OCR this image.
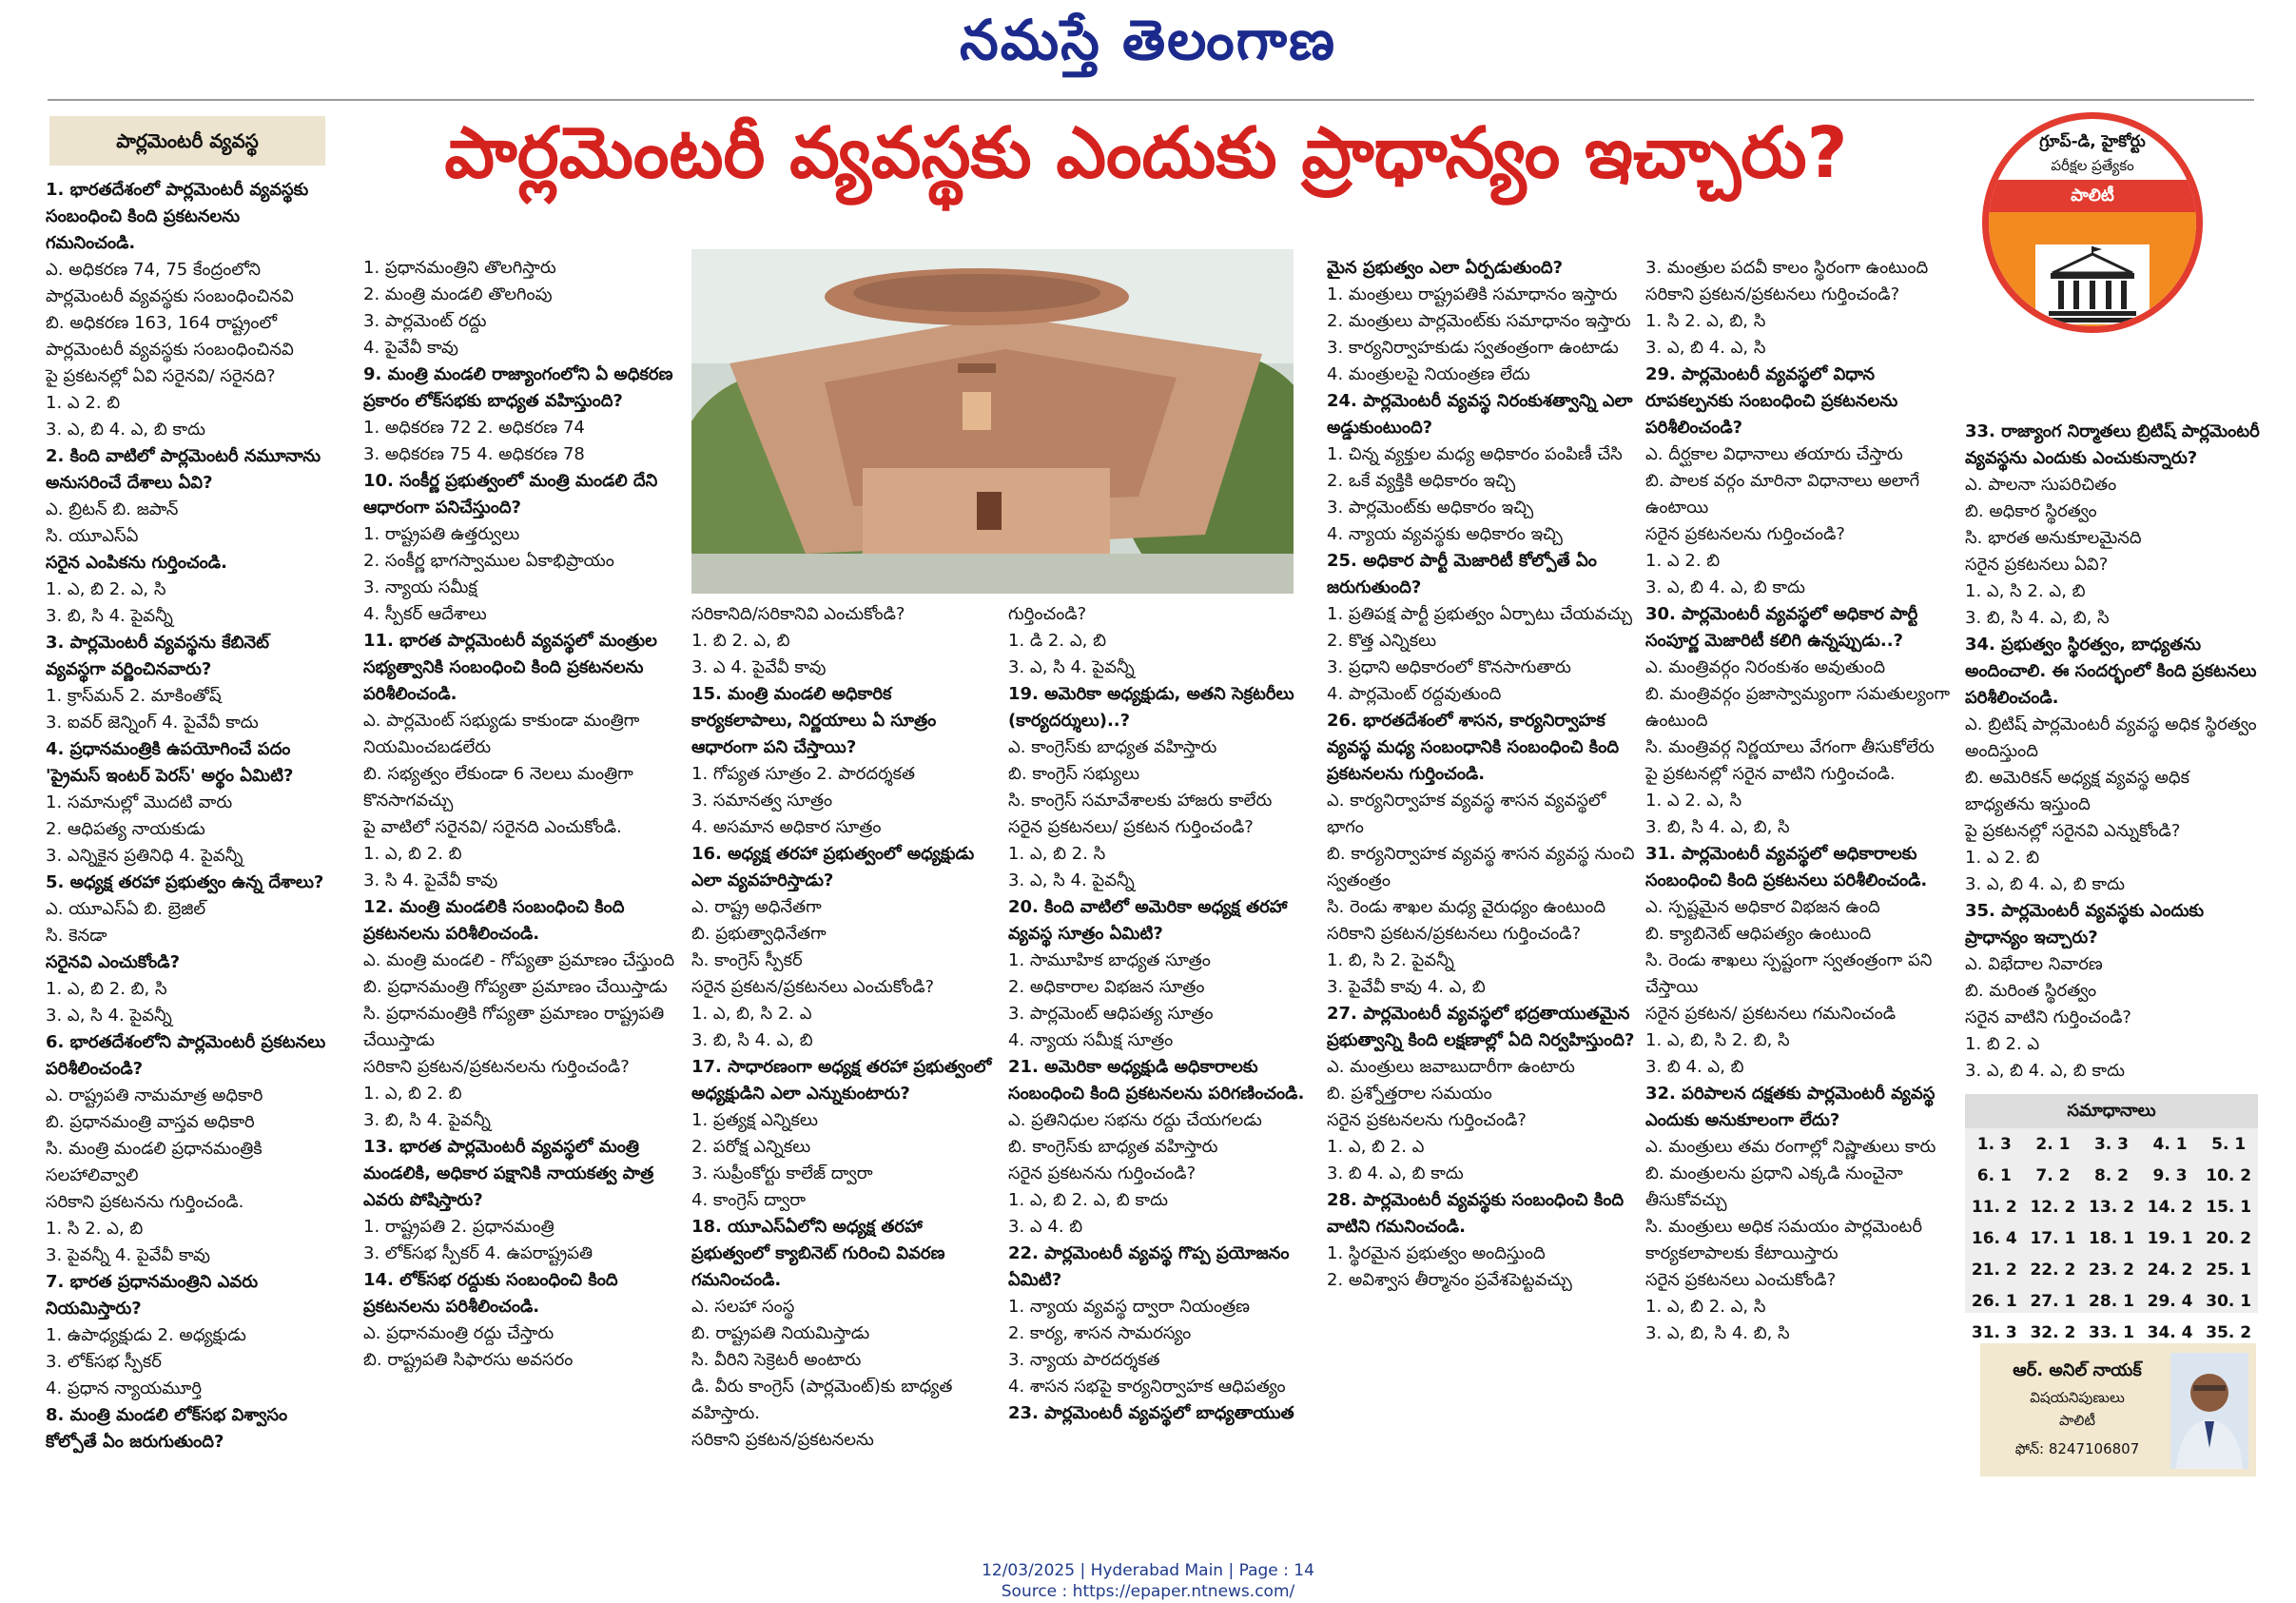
నమస్తే తెలంగాణ
పార్లమెంటరీ వ్యవస్థ	పార్లమెంటరీ వ్యవస్థకు ఎందుకు ప్రాధాన్యం ఇచ్చారు?	గ్రూప్-డి, హైకోర్టు
పరీక్షల ప్రత్యేకం
పాలిటీ

1. భారతదేశంలో పార్లమెంటరీ వ్యవస్థకు సంబంధించి కింది ప్రకటనలను గమనించండి.

ఎ. అధికరణ 74, 75 కేంద్రంలోని పార్లమెంటరీ వ్యవస్థకు సంబంధించినవి

బి. అధికరణ 163, 164 రాష్ట్రంలో పార్లమెంటరీ వ్యవస్థకు సంబంధించినవి

పై ప్రకటనల్లో ఏవి సరైనవి/ సరైనది?

1. ఎ 2. బి

3. ఎ, బి 4. ఎ, బి కాదు

2. కింది వాటిలో పార్లమెంటరీ నమూనాను అనుసరించే దేశాలు ఏవి?

ఎ. బ్రిటన్ బి. జపాన్

సి. యూఎస్ఏ

సరైన ఎంపికను గుర్తించండి.

1. ఎ, బి 2. ఎ, సి

3. బి, సి 4. పైవన్నీ

3. పార్లమెంటరీ వ్యవస్థను కేబినెట్ వ్యవస్థగా వర్ణించినవారు?

1. క్రాస్‌మన్ 2. మాకింతోష్

3. ఐవర్ జెన్నింగ్ 4. పైవేవీ కాదు

4. ప్రధానమంత్రికి ఉపయోగించే పదం 'ప్రైమస్ ఇంటర్ పెరస్' అర్థం ఏమిటి?

1. సమానుల్లో మొదటి వారు

2. ఆధిపత్య నాయకుడు

3. ఎన్నికైన ప్రతినిధి 4. పైవన్నీ

5. అధ్యక్ష తరహా ప్రభుత్వం ఉన్న దేశాలు?

ఎ. యూఎస్ఏ బి. బ్రెజిల్

సి. కెనడా

సరైనవి ఎంచుకోండి?

1. ఎ, బి 2. బి, సి

3. ఎ, సి 4. పైవన్నీ

6. భారతదేశంలోని పార్లమెంటరీ ప్రకటనలు పరిశీలించండి?

ఎ. రాష్ట్రపతి నామమాత్ర అధికారి

బి. ప్రధానమంత్రి వాస్తవ అధికారి

సి. మంత్రి మండలి ప్రధానమంత్రికి సలహాలివ్వాలి

సరికాని ప్రకటనను గుర్తించండి.

1. సి 2. ఎ, బి

3. పైవన్నీ 4. పైవేవీ కావు

7. భారత ప్రధానమంత్రిని ఎవరు నియమిస్తారు?

1. ఉపాధ్యక్షుడు 2. అధ్యక్షుడు

3. లోక్‌సభ స్పీకర్

4. ప్రధాన న్యాయమూర్తి

8. మంత్రి మండలి లోక్‌సభ విశ్వాసం కోల్పోతే ఏం జరుగుతుంది?

1. ప్రధానమంత్రిని తొలగిస్తారు

2. మంత్రి మండలి తొలగింపు

3. పార్లమెంట్ రద్దు

4. పైవేవీ కావు

9. మంత్రి మండలి రాజ్యాంగంలోని ఏ అధికరణ ప్రకారం లోక్‌సభకు బాధ్యత వహిస్తుంది?

1. అధికరణ 72 2. అధికరణ 74

3. అధికరణ 75 4. అధికరణ 78

10. సంకీర్ణ ప్రభుత్వంలో మంత్రి మండలి దేని ఆధారంగా పనిచేస్తుంది?

1. రాష్ట్రపతి ఉత్తర్వులు

2. సంకీర్ణ భాగస్వాముల ఏకాభిప్రాయం

3. న్యాయ సమీక్ష

4. స్పీకర్ ఆదేశాలు

11. భారత పార్లమెంటరీ వ్యవస్థలో మంత్రుల సభ్యత్వానికి సంబంధించి కింది ప్రకటనలను పరిశీలించండి.

ఎ. పార్లమెంట్ సభ్యుడు కాకుండా మంత్రిగా నియమించబడలేరు

బి. సభ్యత్వం లేకుండా 6 నెలలు మంత్రిగా కొనసాగవచ్చు

పై వాటిలో సరైనవి/ సరైనది ఎంచుకోండి.

1. ఎ, బి 2. బి

3. సి 4. పైవేవీ కావు

12. మంత్రి మండలికి సంబంధించి కింది ప్రకటనలను పరిశీలించండి.

ఎ. మంత్రి మండలి - గోప్యతా ప్రమాణం చేస్తుంది

బి. ప్రధానమంత్రి గోప్యతా ప్రమాణం చేయిస్తాడు

సి. ప్రధానమంత్రికి గోప్యతా ప్రమాణం రాష్ట్రపతి చేయిస్తాడు

సరికాని ప్రకటన/ప్రకటనలను గుర్తించండి?

1. ఎ, బి 2. బి

3. బి, సి 4. పైవన్నీ

13. భారత పార్లమెంటరీ వ్యవస్థలో మంత్రి మండలికి, అధికార పక్షానికి నాయకత్వ పాత్ర ఎవరు పోషిస్తారు?

1. రాష్ట్రపతి 2. ప్రధానమంత్రి

3. లోక్‌సభ స్పీకర్ 4. ఉపరాష్ట్రపతి

14. లోక్‌సభ రద్దుకు సంబంధించి కింది ప్రకటనలను పరిశీలించండి.

ఎ. ప్రధానమంత్రి రద్దు చేస్తారు

బి. రాష్ట్రపతి సిఫారసు అవసరం

సరికానిది/సరికానివి ఎంచుకోండి?

1. బి 2. ఎ, బి

3. ఎ 4. పైవేవీ కావు

15. మంత్రి మండలి అధికారిక కార్యకలాపాలు, నిర్ణయాలు ఏ సూత్రం ఆధారంగా పని చేస్తాయి?

1. గోప్యత సూత్రం 2. పారదర్శకత

3. సమానత్వ సూత్రం

4. అసమాన అధికార సూత్రం

16. అధ్యక్ష తరహా ప్రభుత్వంలో అధ్యక్షుడు ఎలా వ్యవహరిస్తాడు?

ఎ. రాష్ట్ర అధినేతగా

బి. ప్రభుత్వాధినేతగా

సి. కాంగ్రెస్ స్పీకర్

సరైన ప్రకటన/ప్రకటనలు ఎంచుకోండి?

1. ఎ, బి, సి 2. ఎ

3. బి, సి 4. ఎ, బి

17. సాధారణంగా అధ్యక్ష తరహా ప్రభుత్వంలో అధ్యక్షుడిని ఎలా ఎన్నుకుంటారు?

1. ప్రత్యక్ష ఎన్నికలు

2. పరోక్ష ఎన్నికలు

3. సుప్రీంకోర్టు కాలేజ్ ద్వారా

4. కాంగ్రెస్ ద్వారా

18. యూఎస్ఏలోని అధ్యక్ష తరహా ప్రభుత్వంలో క్యాబినెట్ గురించి వివరణ గమనించండి.

ఎ. సలహా సంస్థ

బి. రాష్ట్రపతి నియమిస్తాడు

సి. వీరిని సెక్రెటరీ అంటారు

డి. వీరు కాంగ్రెస్ (పార్లమెంట్)కు బాధ్యత వహిస్తారు.

సరికాని ప్రకటన/ప్రకటనలను

గుర్తించండి?

1. డి 2. ఎ, బి

3. ఎ, సి 4. పైవన్నీ

19. అమెరికా అధ్యక్షుడు, అతని సెక్రటరీలు (కార్యదర్శులు)..?

ఎ. కాంగ్రెస్‌కు బాధ్యత వహిస్తారు

బి. కాంగ్రెస్ సభ్యులు

సి. కాంగ్రెస్ సమావేశాలకు హాజరు కాలేరు

సరైన ప్రకటనలు/ ప్రకటన గుర్తించండి?

1. ఎ, బి 2. సి

3. ఎ, సి 4. పైవన్నీ

20. కింది వాటిలో అమెరికా అధ్యక్ష తరహా వ్యవస్థ సూత్రం ఏమిటి?

1. సామూహిక బాధ్యత సూత్రం

2. అధికారాల విభజన సూత్రం

3. పార్లమెంట్ ఆధిపత్య సూత్రం

4. న్యాయ సమీక్ష సూత్రం

21. అమెరికా అధ్యక్షుడి అధికారాలకు సంబంధించి కింది ప్రకటనలను పరిగణించండి.

ఎ. ప్రతినిధుల సభను రద్దు చేయగలడు

బి. కాంగ్రెస్‌కు బాధ్యత వహిస్తారు

సరైన ప్రకటనను గుర్తించండి?

1. ఎ, బి 2. ఎ, బి కాదు

3. ఎ 4. బి

22. పార్లమెంటరీ వ్యవస్థ గొప్ప ప్రయోజనం ఏమిటి?

1. న్యాయ వ్యవస్థ ద్వారా నియంత్రణ

2. కార్య, శాసన సామరస్యం

3. న్యాయ పారదర్శకత

4. శాసన సభపై కార్యనిర్వాహక ఆధిపత్యం

23. పార్లమెంటరీ వ్యవస్థలో బాధ్యతాయుత

మైన ప్రభుత్వం ఎలా ఏర్పడుతుంది?

1. మంత్రులు రాష్ట్రపతికి సమాధానం ఇస్తారు

2. మంత్రులు పార్లమెంట్‌కు సమాధానం ఇస్తారు

3. కార్యనిర్వాహకుడు స్వతంత్రంగా ఉంటాడు

4. మంత్రులపై నియంత్రణ లేదు

24. పార్లమెంటరీ వ్యవస్థ నిరంకుశత్వాన్ని ఎలా అడ్డుకుంటుంది?

1. చిన్న వ్యక్తుల మధ్య అధికారం పంపిణీ చేసి

2. ఒకే వ్యక్తికి అధికారం ఇచ్చి

3. పార్లమెంట్‌కు అధికారం ఇచ్చి

4. న్యాయ వ్యవస్థకు అధికారం ఇచ్చి

25. అధికార పార్టీ మెజారిటీ కోల్పోతే ఏం జరుగుతుంది?

1. ప్రతిపక్ష పార్టీ ప్రభుత్వం ఏర్పాటు చేయవచ్చు

2. కొత్త ఎన్నికలు

3. ప్రధాని అధికారంలో కొనసాగుతారు

4. పార్లమెంట్ రద్దవుతుంది

26. భారతదేశంలో శాసన, కార్యనిర్వాహక వ్యవస్థ మధ్య సంబంధానికి సంబంధించి కింది ప్రకటనలను గుర్తించండి.

ఎ. కార్యనిర్వాహక వ్యవస్థ శాసన వ్యవస్థలో భాగం

బి. కార్యనిర్వాహక వ్యవస్థ శాసన వ్యవస్థ నుంచి స్వతంత్రం

సి. రెండు శాఖల మధ్య వైరుధ్యం ఉంటుంది

సరికాని ప్రకటన/ప్రకటనలు గుర్తించండి?

1. బి, సి 2. పైవన్నీ

3. పైవేవీ కావు 4. ఎ, బి

27. పార్లమెంటరీ వ్యవస్థలో భద్రతాయుతమైన ప్రభుత్వాన్ని కింది లక్షణాల్లో ఏది నిర్వహిస్తుంది?

ఎ. మంత్రులు జవాబుదారీగా ఉంటారు

బి. ప్రశ్నోత్తరాల సమయం

సరైన ప్రకటనలను గుర్తించండి?

1. ఎ, బి 2. ఎ

3. బి 4. ఎ, బి కాదు

28. పార్లమెంటరీ వ్యవస్థకు సంబంధించి కింది వాటిని గమనించండి.

1. స్థిరమైన ప్రభుత్వం అందిస్తుంది

2. అవిశ్వాస తీర్మానం ప్రవేశపెట్టవచ్చు

3. మంత్రుల పదవీ కాలం స్థిరంగా ఉంటుంది

సరికాని ప్రకటన/ప్రకటనలు గుర్తించండి?

1. సి 2. ఎ, బి, సి

3. ఎ, బి 4. ఎ, సి

29. పార్లమెంటరీ వ్యవస్థలో విధాన రూపకల్పనకు సంబంధించి ప్రకటనలను పరిశీలించండి?

ఎ. దీర్ఘకాల విధానాలు తయారు చేస్తారు

బి. పాలక వర్గం మారినా విధానాలు అలాగే ఉంటాయి

సరైన ప్రకటనలను గుర్తించండి?

1. ఎ 2. బి

3. ఎ, బి 4. ఎ, బి కాదు

30. పార్లమెంటరీ వ్యవస్థలో అధికార పార్టీ సంపూర్ణ మెజారిటీ కలిగి ఉన్నప్పుడు..?

ఎ. మంత్రివర్గం నిరంకుశం అవుతుంది

బి. మంత్రివర్గం ప్రజాస్వామ్యంగా సమతుల్యంగా ఉంటుంది

సి. మంత్రివర్గ నిర్ణయాలు వేగంగా తీసుకోలేరు

పై ప్రకటనల్లో సరైన వాటిని గుర్తించండి.

1. ఎ 2. ఎ, సి

3. బి, సి 4. ఎ, బి, సి

31. పార్లమెంటరీ వ్యవస్థలో అధికారాలకు సంబంధించి కింది ప్రకటనలు పరిశీలించండి.

ఎ. స్పష్టమైన అధికార విభజన ఉంది

బి. క్యాబినెట్ ఆధిపత్యం ఉంటుంది

సి. రెండు శాఖలు స్పష్టంగా స్వతంత్రంగా పని చేస్తాయి

సరైన ప్రకటన/ ప్రకటనలు గమనించండి

1. ఎ, బి, సి 2. బి, సి

3. బి 4. ఎ, బి

32. పరిపాలన దక్షతకు పార్లమెంటరీ వ్యవస్థ ఎందుకు అనుకూలంగా లేదు?

ఎ. మంత్రులు తమ రంగాల్లో నిష్ణాతులు కారు

బి. మంత్రులను ప్రధాని ఎక్కడి నుంచైనా తీసుకోవచ్చు

సి. మంత్రులు అధిక సమయం పార్లమెంటరీ కార్యకలాపాలకు కేటాయిస్తారు

సరైన ప్రకటనలు ఎంచుకోండి?

1. ఎ, బి 2. ఎ, సి

3. ఎ, బి, సి 4. బి, సి

33. రాజ్యాంగ నిర్మాతలు బ్రిటిష్ పార్లమెంటరీ వ్యవస్థను ఎందుకు ఎంచుకున్నారు?

ఎ. పాలనా సుపరిచితం

బి. అధికార స్థిరత్వం

సి. భారత అనుకూలమైనది

సరైన ప్రకటనలు ఏవి?

1. ఎ, సి 2. ఎ, బి

3. బి, సి 4. ఎ, బి, సి

34. ప్రభుత్వం స్థిరత్వం, బాధ్యతను అందించాలి. ఈ సందర్భంలో కింది ప్రకటనలు పరిశీలించండి.

ఎ. బ్రిటిష్ పార్లమెంటరీ వ్యవస్థ అధిక స్థిరత్వం అందిస్తుంది

బి. అమెరికన్ అధ్యక్ష వ్యవస్థ అధిక బాధ్యతను ఇస్తుంది

పై ప్రకటనల్లో సరైనవి ఎన్నుకోండి?

1. ఎ 2. బి

3. ఎ, బి 4. ఎ, బి కాదు

35. పార్లమెంటరీ వ్యవస్థకు ఎందుకు ప్రాధాన్యం ఇచ్చారు?

ఎ. విభేదాల నివారణ

బి. మరింత స్థిరత్వం

సరైన వాటిని గుర్తించండి?

1. బి 2. ఎ

3. ఎ, బి 4. ఎ, బి కాదు

సమాధానాలు
1. 3	2. 1	3. 3	4. 1	5. 1
6. 1	7. 2	8. 2	9. 3	10. 2
11. 2	12. 2	13. 2	14. 2	15. 1
16. 4	17. 1	18. 1	19. 1	20. 2
21. 2	22. 2	23. 2	24. 2	25. 1
26. 1	27. 1	28. 1	29. 4	30. 1
31. 3	32. 2	33. 1	34. 4	35. 2
ఆర్. అనిల్ నాయక్
విషయనిపుణులు
పాలిటీ
ఫోన్: 8247106807
12/03/2025 | Hyderabad Main | Page : 14
Source : https://epaper.ntnews.com/
